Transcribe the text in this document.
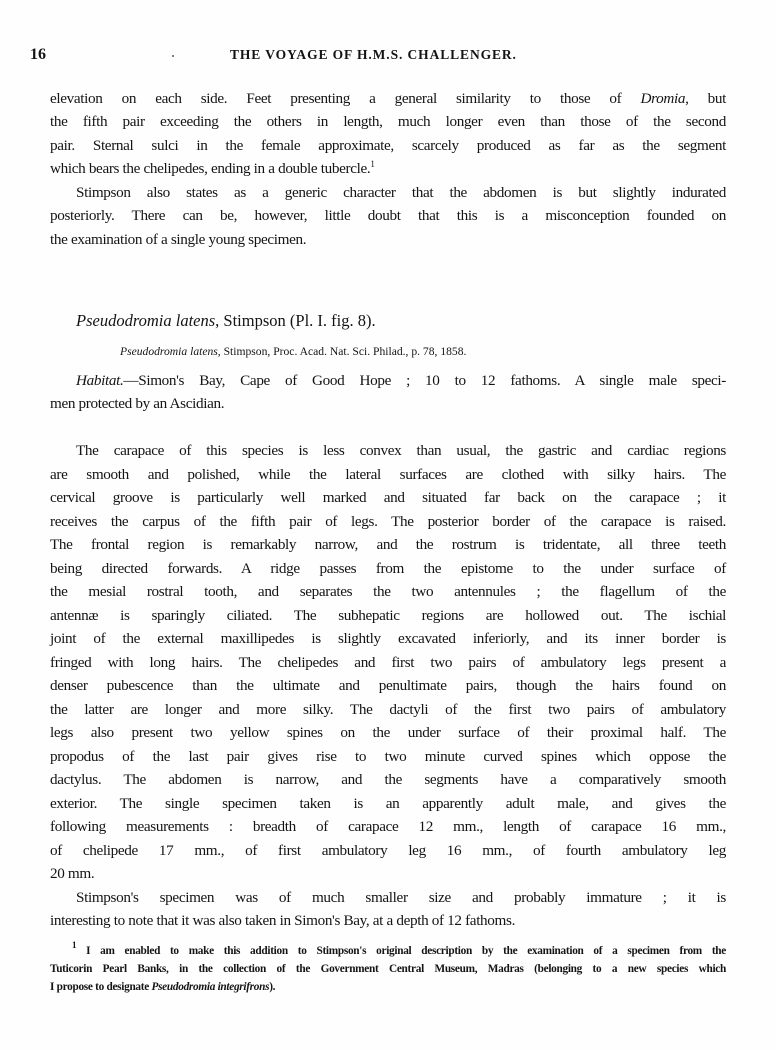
16	THE VOYAGE OF H.M.S. CHALLENGER.
elevation on each side. Feet presenting a general similarity to those of Dromia, but
the fifth pair exceeding the others in length, much longer even than those of the second
pair. Sternal sulci in the female approximate, scarcely produced as far as the segment
which bears the chelipedes, ending in a double tubercle.$^1$
Stimpson also states as a generic character that the abdomen is but slightly indurated
posteriorly. There can be, however, little doubt that this is a misconception founded on
the examination of a single young specimen.
Pseudodromia latens, Stimpson (Pl. I. fig. 8).
Pseudodromia latens, Stimpson, Proc. Acad. Nat. Sci. Philad., p. 78, 1858.
Habitat.—Simon's Bay, Cape of Good Hope ; 10 to 12 fathoms. A single male speci-
men protected by an Ascidian.
The carapace of this species is less convex than usual, the gastric and cardiac regions
are smooth and polished, while the lateral surfaces are clothed with silky hairs. The
cervical groove is particularly well marked and situated far back on the carapace ; it
receives the carpus of the fifth pair of legs. The posterior border of the carapace is raised.
The frontal region is remarkably narrow, and the rostrum is tridentate, all three teeth
being directed forwards. A ridge passes from the epistome to the under surface of
the mesial rostral tooth, and separates the two antennules ; the flagellum of the
antennæ is sparingly ciliated. The subhepatic regions are hollowed out. The ischial
joint of the external maxillipedes is slightly excavated inferiorly, and its inner border is
fringed with long hairs. The chelipedes and first two pairs of ambulatory legs present a
denser pubescence than the ultimate and penultimate pairs, though the hairs found on
the latter are longer and more silky. The dactyli of the first two pairs of ambulatory
legs also present two yellow spines on the under surface of their proximal half. The
propodus of the last pair gives rise to two minute curved spines which oppose the
dactylus. The abdomen is narrow, and the segments have a comparatively smooth
exterior. The single specimen taken is an apparently adult male, and gives the
following measurements : breadth of carapace 12 mm., length of carapace 16 mm.,
of chelipede 17 mm., of first ambulatory leg 16 mm., of fourth ambulatory leg
20 mm.
Stimpson's specimen was of much smaller size and probably immature ; it is
interesting to note that it was also taken in Simon's Bay, at a depth of 12 fathoms.
$^1$ I am enabled to make this addition to Stimpson's original description by the examination of a specimen from the
Tuticorin Pearl Banks, in the collection of the Government Central Museum, Madras (belonging to a new species which
I propose to designate Pseudodromia integrifrons).
